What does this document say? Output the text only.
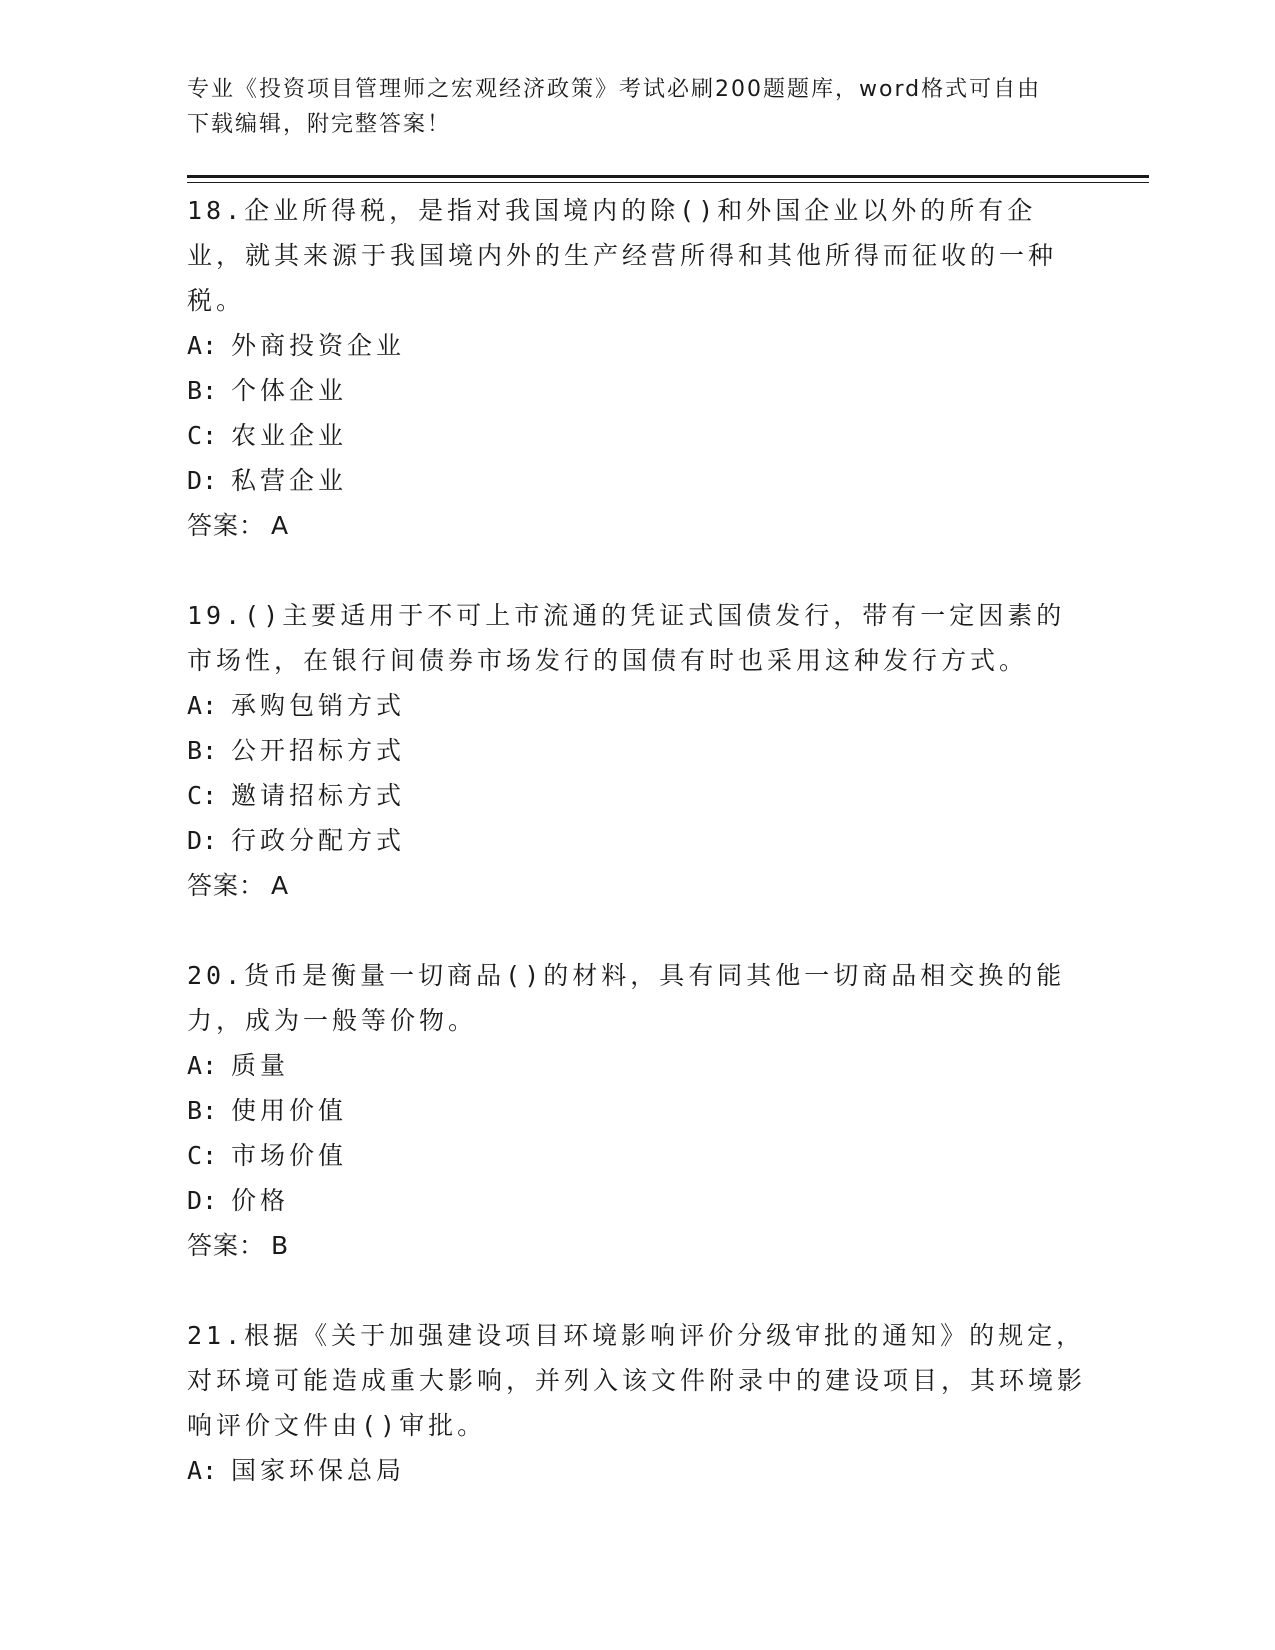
专业《投资项目管理师之宏观经济政策》考试必刷200题题库，word格式可自由
下载编辑，附完整答案！

18.企业所得税，是指对我国境内的除()和外国企业以外的所有企业，就其来源于我国境内外的生产经营所得和其他所得而征收的一种税。

A: 外商投资企业

B: 个体企业

C: 农业企业

D: 私营企业

答案： A

19.()主要适用于不可上市流通的凭证式国债发行，带有一定因素的市场性，在银行间债券市场发行的国债有时也采用这种发行方式。

A: 承购包销方式

B: 公开招标方式

C: 邀请招标方式

D: 行政分配方式

答案： A

20.货币是衡量一切商品()的材料，具有同其他一切商品相交换的能力，成为一般等价物。

A: 质量

B: 使用价值

C: 市场价值

D: 价格

答案： B

21.根据《关于加强建设项目环境影响评价分级审批的通知》的规定，对环境可能造成重大影响，并列入该文件附录中的建设项目，其环境影响评价文件由()审批。

A: 国家环保总局
